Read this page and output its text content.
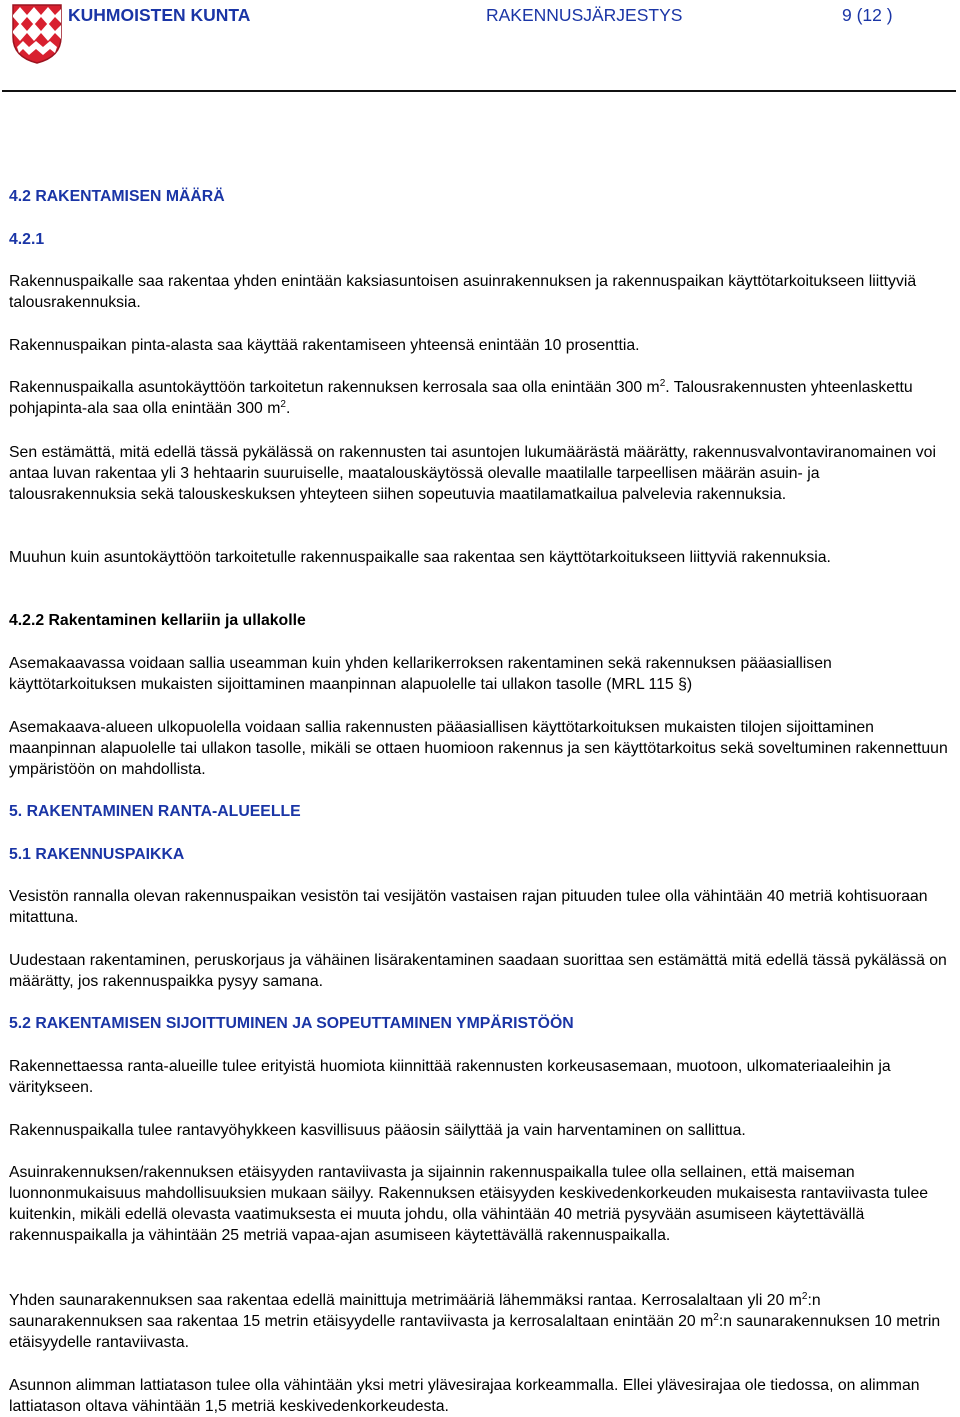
KUHMOISTEN KUNTA	RAKENNUSJÄRJESTYS	9 (12 )
4.2 RAKENTAMISEN MÄÄRÄ
4.2.1
Rakennuspaikalle saa rakentaa yhden enintään kaksiasuntoisen asuinrakennuksen ja rakennuspaikan käyttötarkoitukseen liittyviä talousrakennuksia.
Rakennuspaikan pinta-alasta saa käyttää rakentamiseen yhteensä enintään 10 prosenttia.
Rakennuspaikalla asuntokäyttöön tarkoitetun rakennuksen kerrosala saa olla enintään 300 $m^2$. Talousrakennusten yhteenlaskettu pohjapinta-ala saa olla enintään 300 $m^2$.
Sen estämättä, mitä edellä tässä pykälässä on rakennusten tai asuntojen lukumäärästä määrätty, rakennusvalvontaviranomainen voi antaa luvan rakentaa yli 3 hehtaarin suuruiselle, maatalouskäytössä olevalle maatilalle tarpeellisen määrän asuin- ja talousrakennuksia sekä talouskeskuksen yhteyteen siihen sopeutuvia maatilamatkailua palvelevia rakennuksia.
Muuhun kuin asuntokäyttöön tarkoitetulle rakennuspaikalle saa rakentaa sen käyttötarkoitukseen liittyviä rakennuksia.
4.2.2 Rakentaminen kellariin ja ullakolle
Asemakaavassa voidaan sallia useamman kuin yhden kellarikerroksen rakentaminen sekä rakennuksen pääasiallisen käyttötarkoituksen mukaisten sijoittaminen maanpinnan alapuolelle tai ullakon tasolle (MRL 115 §)
Asemakaava-alueen ulkopuolella voidaan sallia rakennusten pääasiallisen käyttötarkoituksen mukaisten tilojen sijoittaminen maanpinnan alapuolelle tai ullakon tasolle, mikäli se ottaen huomioon rakennus ja sen käyttötarkoitus sekä soveltuminen rakennettuun ympäristöön on mahdollista.
5. RAKENTAMINEN RANTA-ALUEELLE
5.1 RAKENNUSPAIKKA
Vesistön rannalla olevan rakennuspaikan vesistön tai vesijätön vastaisen rajan pituuden tulee olla vähintään 40 metriä kohtisuoraan mitattuna.
Uudestaan rakentaminen, peruskorjaus ja vähäinen lisärakentaminen saadaan suorittaa sen estämättä mitä edellä tässä pykälässä on määrätty, jos rakennuspaikka pysyy samana.
5.2 RAKENTAMISEN SIJOITTUMINEN JA SOPEUTTAMINEN YMPÄRISTÖÖN
Rakennettaessa ranta-alueille tulee erityistä huomiota kiinnittää rakennusten korkeusasemaan, muotoon, ulkomateriaaleihin ja väritykseen.
Rakennuspaikalla tulee rantavyöhykkeen kasvillisuus pääosin säilyttää ja vain harventaminen on sallittua.
Asuinrakennuksen/rakennuksen etäisyyden rantaviivasta ja sijainnin rakennuspaikalla tulee olla sellainen, että maiseman luonnonmukaisuus mahdollisuuksien mukaan säilyy. Rakennuksen etäisyyden keskivedenkorkeuden mukaisesta rantaviivasta tulee kuitenkin, mikäli edellä olevasta vaatimuksesta ei muuta johdu, olla vähintään 40 metriä pysyvään asumiseen käytettävällä rakennuspaikalla ja vähintään 25 metriä vapaa-ajan asumiseen käytettävällä rakennuspaikalla.
Yhden saunarakennuksen saa rakentaa edellä mainittuja metrimääriä lähemmäksi rantaa. Kerrosalaltaan yli 20 $m^2:n$ saunarakennuksen saa rakentaa 15 metrin etäisyydelle rantaviivasta ja kerrosalaltaan enintään 20 $m^2:n$ saunarakennuksen 10 metrin etäisyydelle rantaviivasta.
Asunnon alimman lattiatason tulee olla vähintään yksi metri ylävesirajaa korkeammalla. Ellei ylävesirajaa ole tiedossa, on alimman lattiatason oltava vähintään 1,5 metriä keskivedenkorkeudesta.
